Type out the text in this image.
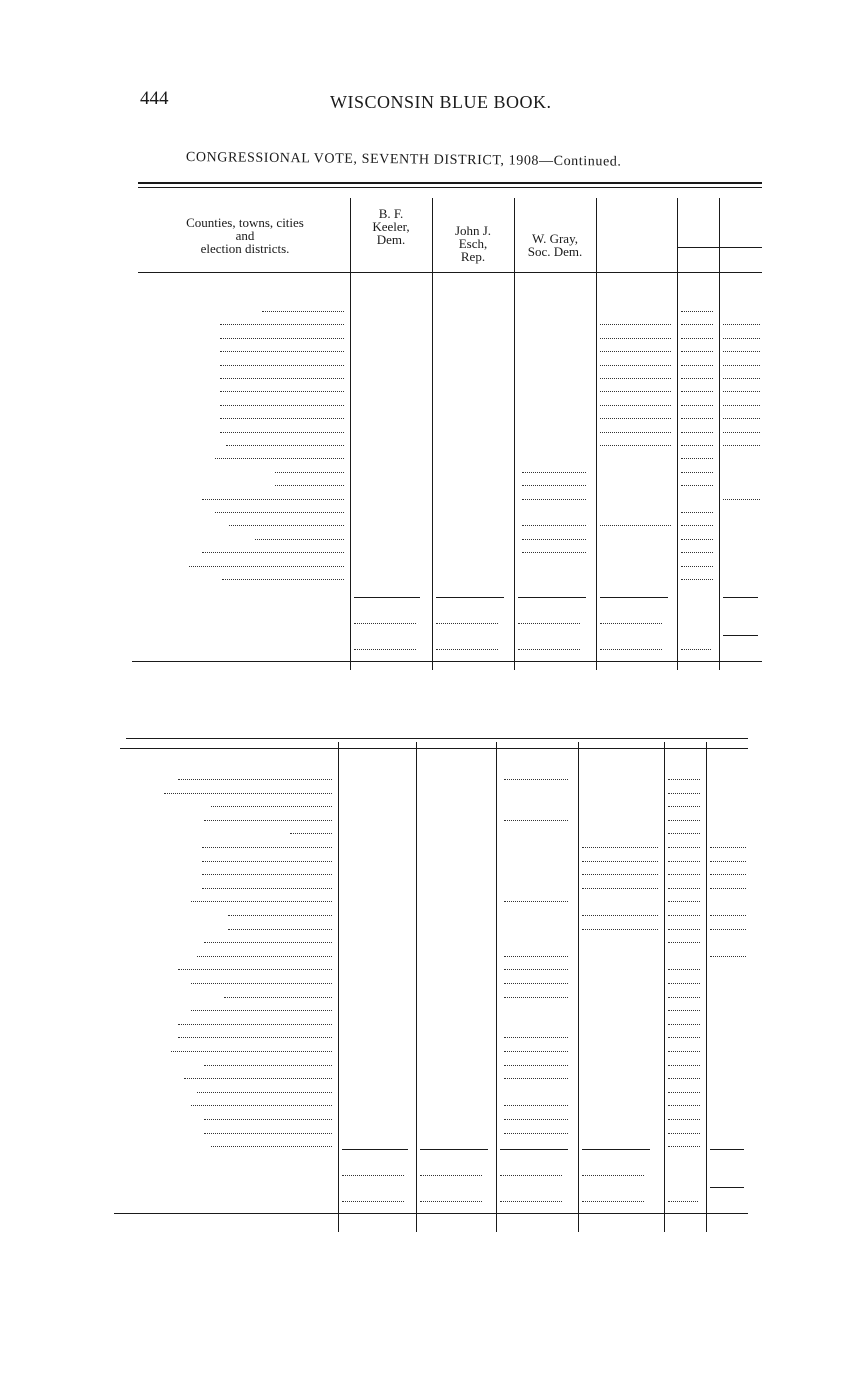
444	WISCONSIN BLUE BOOK.
CONGRESSIONAL VOTE, SEVENTH DISTRICT, 1908—Continued.
Counties, towns, cities
and
election districts.
B. F.
Keeler,
Dem.
John J.
Esch,
Rep.
W. Gray,
Soc. Dem.
